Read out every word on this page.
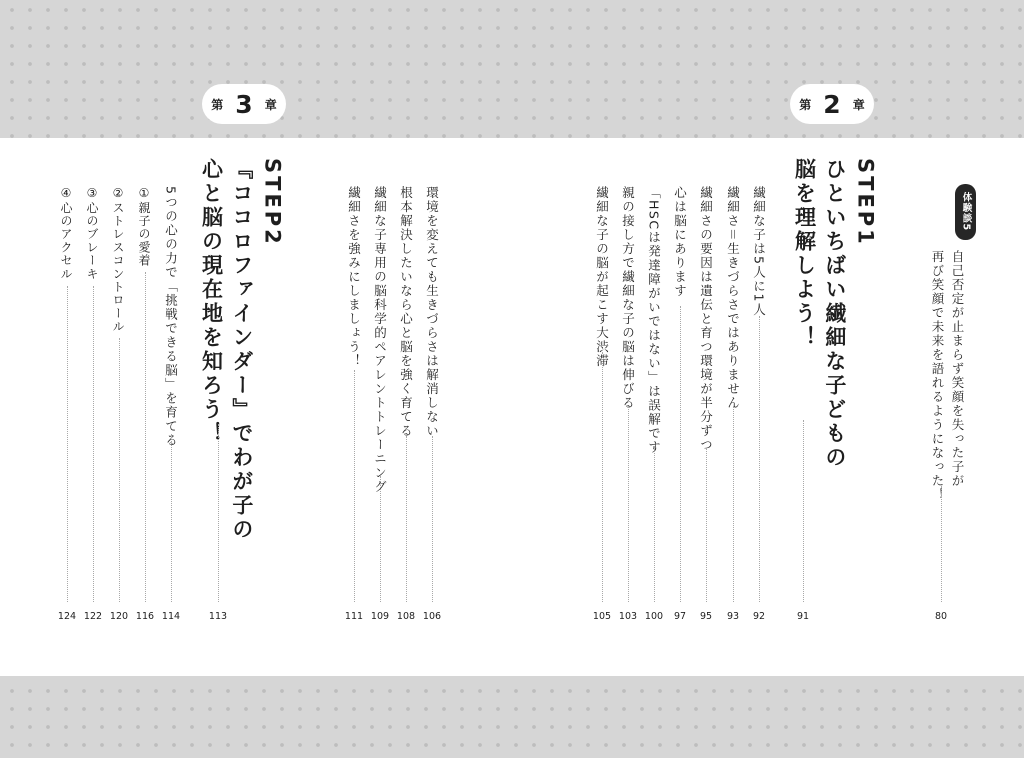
第 3 章	第 2 章
体験談5
自己否定が止まらず笑顔を失った子が
再び笑顔で未来を語れるようになった！
80
STEP1
ひといちばい繊細な子どもの
脳を理解しよう！
91
繊細な子は5人に1人
92
繊細さ＝生きづらさではありません
93
繊細さの要因は遺伝と育つ環境が半分ずつ
95
心は脳にあります
97
「HSCは発達障がいではない」は誤解です
100
親の接し方で繊細な子の脳は伸びる
103
繊細な子の脳が起こす大渋滞
105
環境を変えても生きづらさは解消しない
106
根本解決したいなら心と脳を強く育てる
108
繊細な子専用の脳科学的ペアレントトレーニング
109
繊細さを強みにしましょう！
111
STEP2
『ココロファインダー』でわが子の
心と脳の現在地を知ろう！
113
5つの心の力で「挑戦できる脳」を育てる
114
①親子の愛着
116
②ストレスコントロール
120
③心のブレーキ
122
④心のアクセル
124
